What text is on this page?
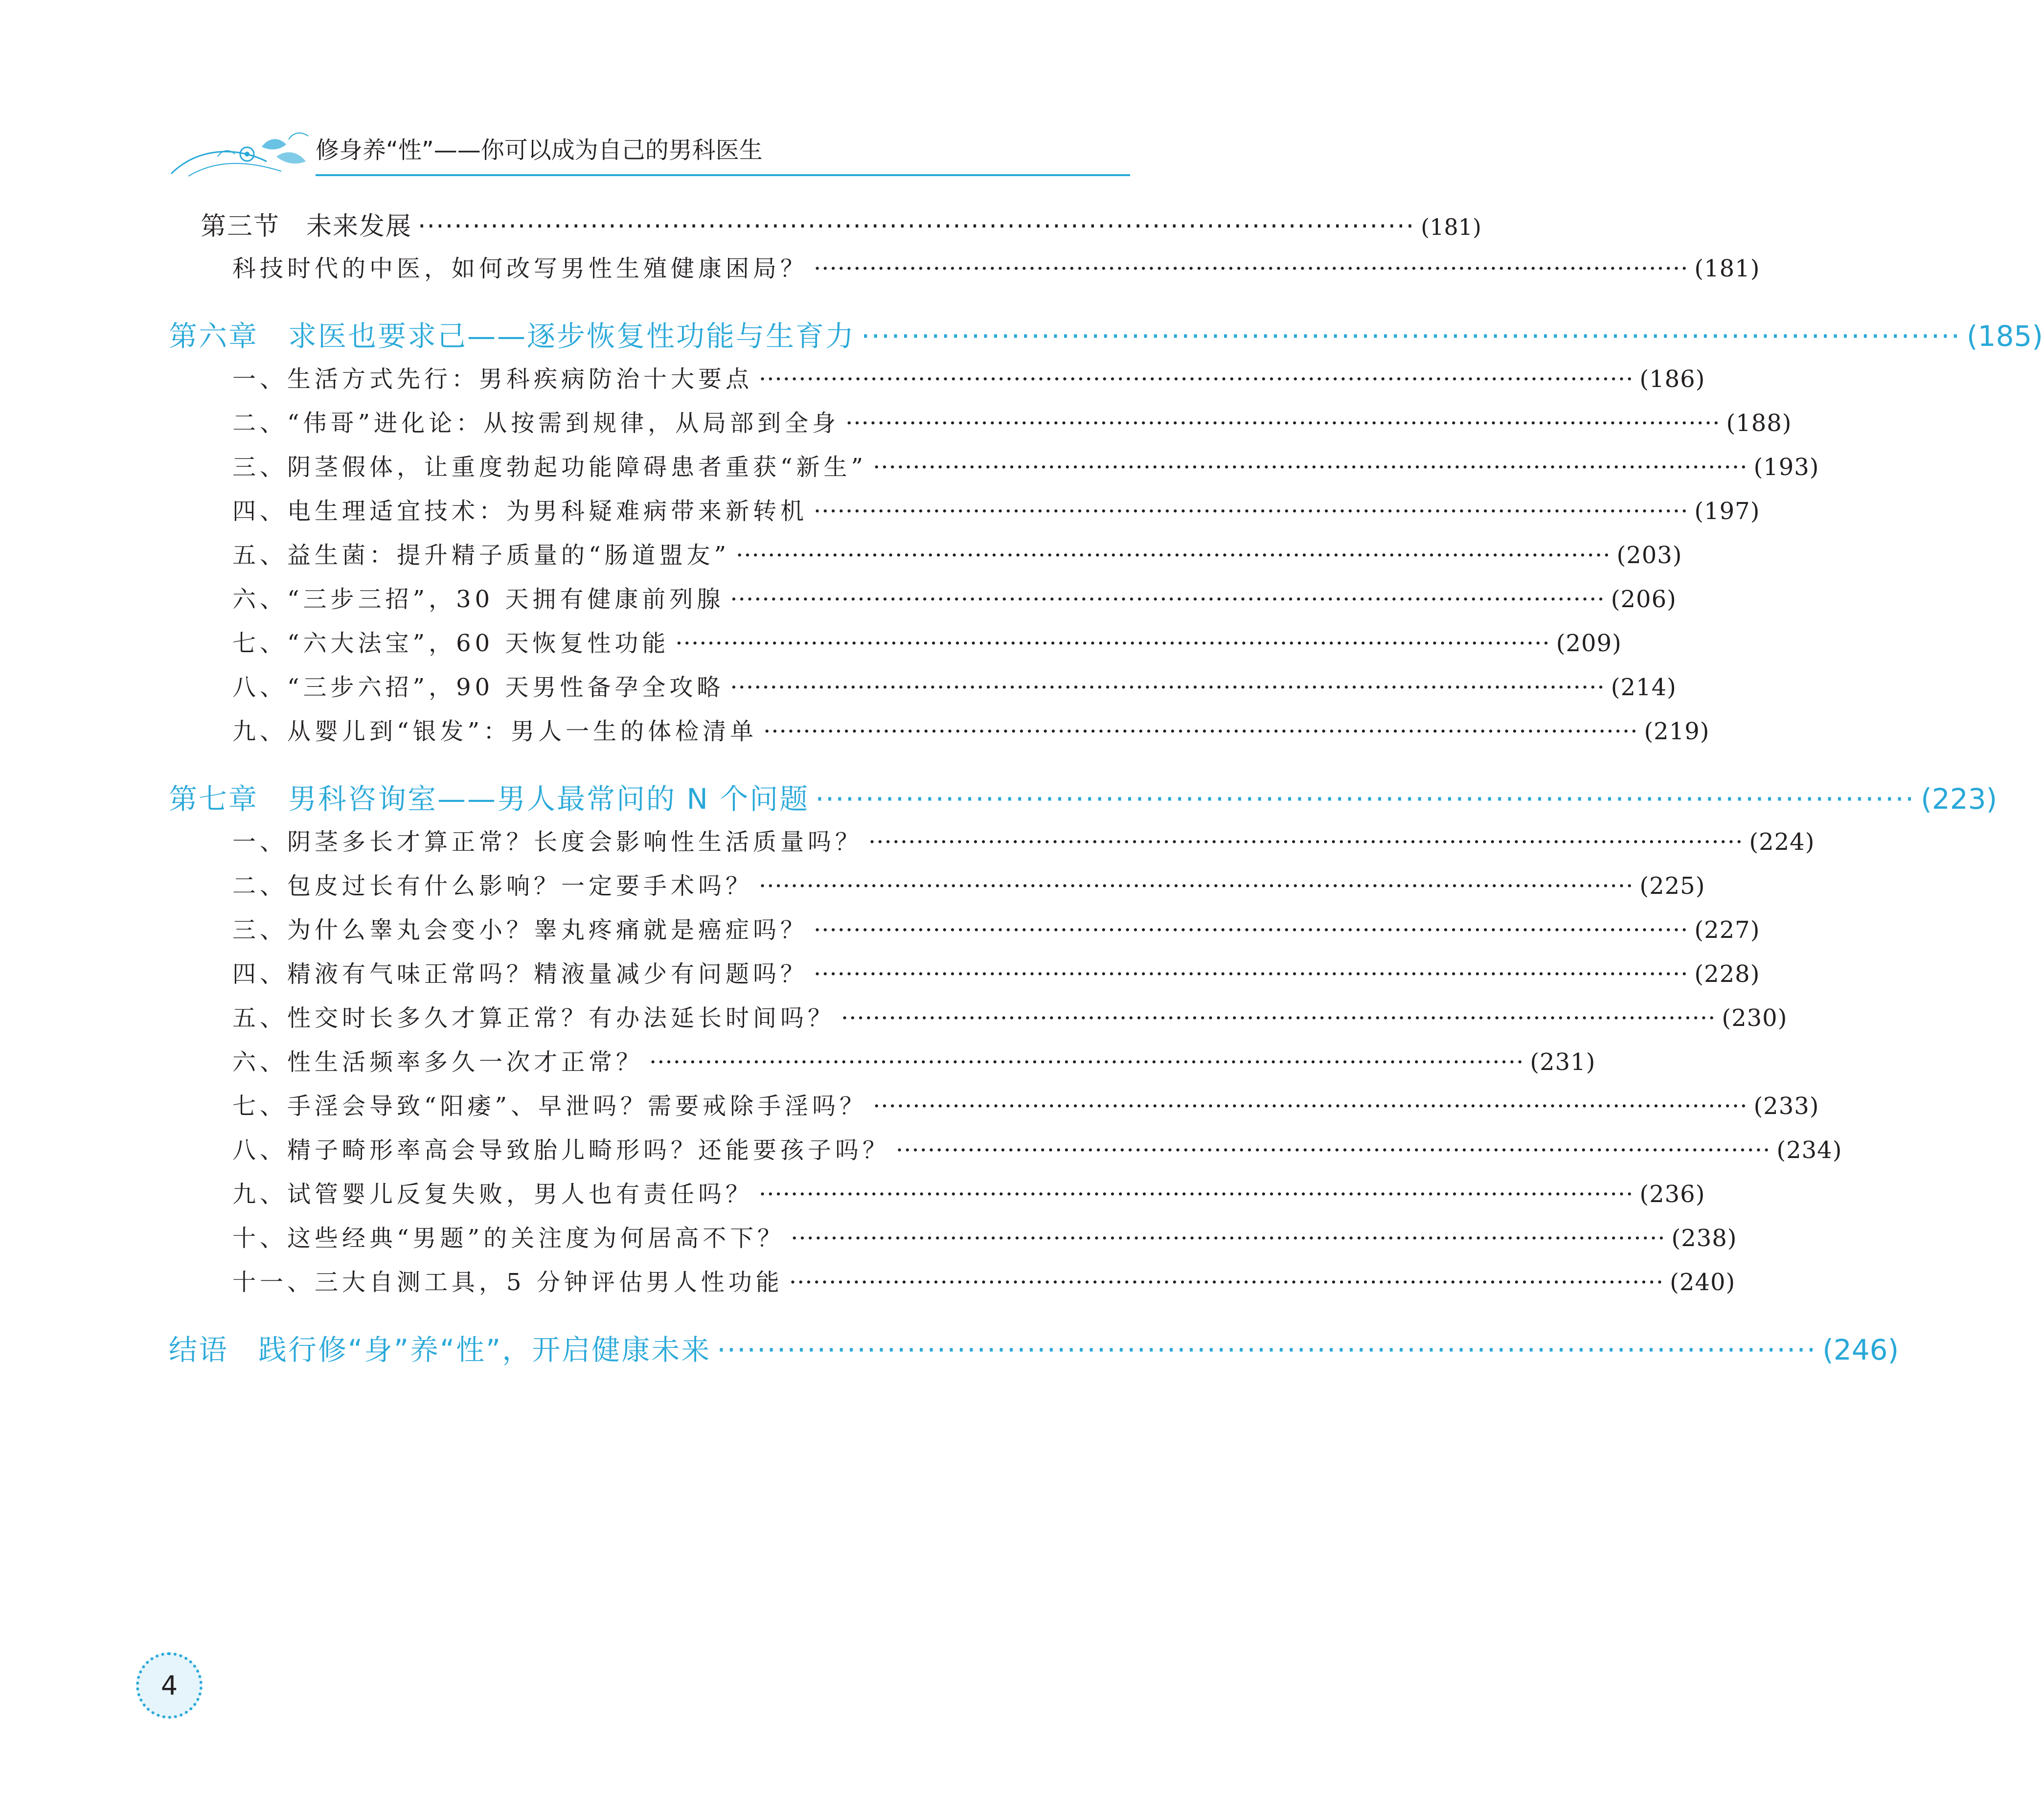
修身养“性”——你可以成为自己的男科医生
第三节　未来发展 ·············································································································· (181)
科技时代的中医，如何改写男性生殖健康困局？ ·············································································································· (181)
第六章　求医也要求己——逐步恢复性功能与生育力 ·············································································································· (185)
一、生活方式先行：男科疾病防治十大要点 ·············································································································· (186)
二、“伟哥”进化论：从按需到规律，从局部到全身 ·············································································································· (188)
三、阴茎假体，让重度勃起功能障碍患者重获“新生” ·············································································································· (193)
四、电生理适宜技术：为男科疑难病带来新转机 ·············································································································· (197)
五、益生菌：提升精子质量的“肠道盟友” ·············································································································· (203)
六、“三步三招”，30 天拥有健康前列腺 ·············································································································· (206)
七、“六大法宝”，60 天恢复性功能 ·············································································································· (209)
八、“三步六招”，90 天男性备孕全攻略 ·············································································································· (214)
九、从婴儿到“银发”：男人一生的体检清单 ·············································································································· (219)
第七章　男科咨询室——男人最常问的 N 个问题 ·············································································································· (223)
一、阴茎多长才算正常？长度会影响性生活质量吗？ ·············································································································· (224)
二、包皮过长有什么影响？一定要手术吗？ ·············································································································· (225)
三、为什么睾丸会变小？睾丸疼痛就是癌症吗？ ·············································································································· (227)
四、精液有气味正常吗？精液量减少有问题吗？ ·············································································································· (228)
五、性交时长多久才算正常？有办法延长时间吗？ ·············································································································· (230)
六、性生活频率多久一次才正常？ ·············································································································· (231)
七、手淫会导致“阳痿”、早泄吗？需要戒除手淫吗？ ·············································································································· (233)
八、精子畸形率高会导致胎儿畸形吗？还能要孩子吗？ ·············································································································· (234)
九、试管婴儿反复失败，男人也有责任吗？ ·············································································································· (236)
十、这些经典“男题”的关注度为何居高不下？ ·············································································································· (238)
十一、三大自测工具，5 分钟评估男人性功能 ·············································································································· (240)
结语　践行修“身”养“性”，开启健康未来 ·············································································································· (246)
4
